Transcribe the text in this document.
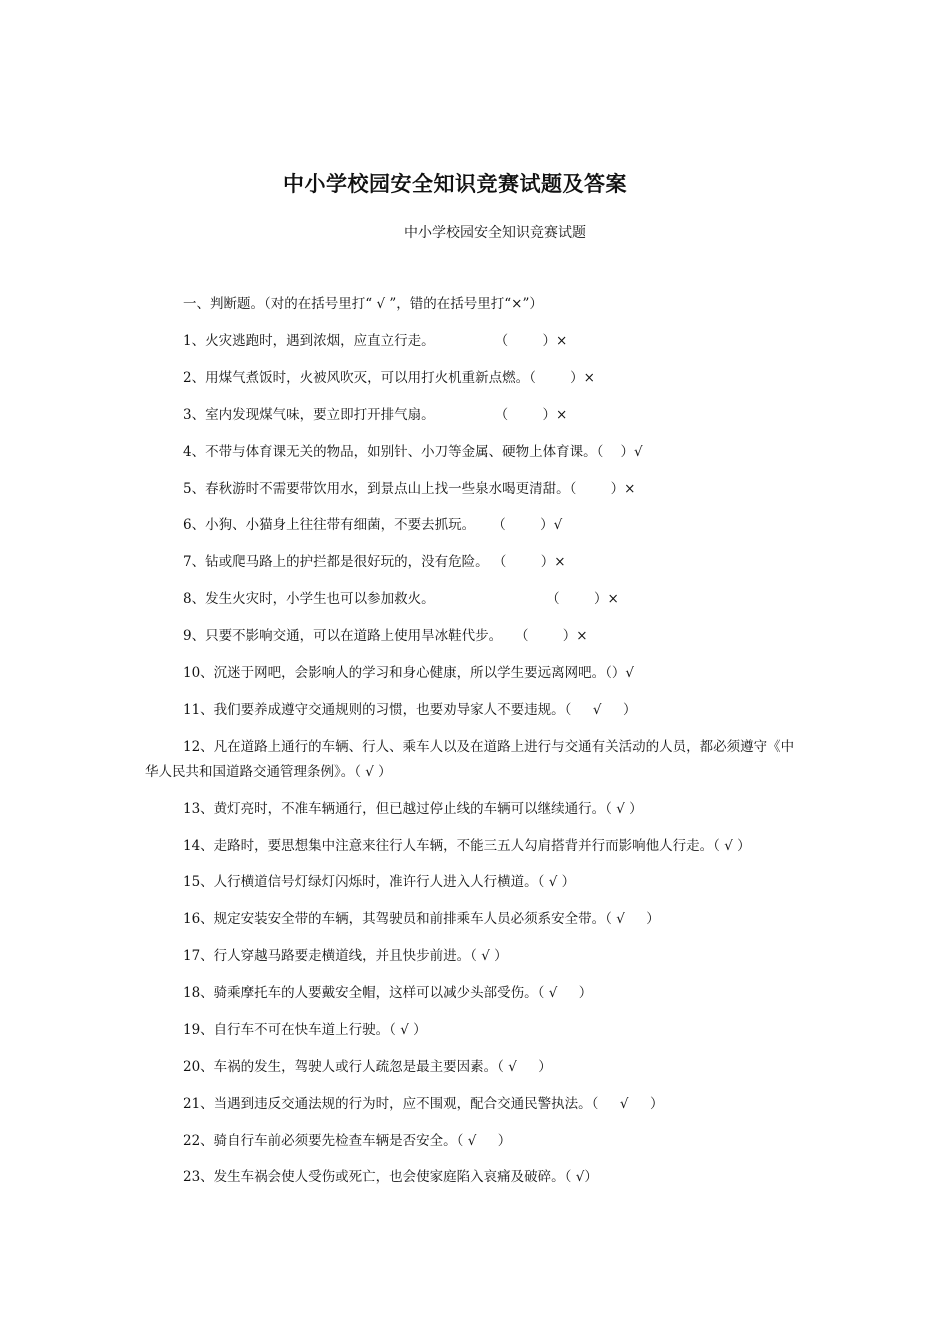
中小学校园安全知识竞赛试题及答案
中小学校园安全知识竞赛试题
一、判断题。（对的在括号里打“ √ ”，错的在括号里打“×”）
1、火灾逃跑时，遇到浓烟，应直立行走。              （        ）×
2、用煤气煮饭时，火被风吹灭，可以用打火机重新点燃。（        ）×
3、室内发现煤气味，要立即打开排气扇。              （        ）×
4、不带与体育课无关的物品，如别针、小刀等金属、硬物上体育课。（    ）√
5、春秋游时不需要带饮用水，到景点山上找一些泉水喝更清甜。（        ）×
6、小狗、小猫身上往往带有细菌，不要去抓玩。    （        ）√
7、钻或爬马路上的护拦都是很好玩的，没有危险。 （        ）×
8、发生火灾时，小学生也可以参加救火。                          （        ）×
9、只要不影响交通，可以在道路上使用旱冰鞋代步。   （        ）×
10、沉迷于网吧，会影响人的学习和身心健康，所以学生要远离网吧。（）√
11、我们要养成遵守交通规则的习惯，也要劝导家人不要违规。（     √     ）
12、凡在道路上通行的车辆、行人、乘车人以及在道路上进行与交通有关活动的人员，都必须遵守《中
华人民共和国道路交通管理条例》。（ √ ）
13、黄灯亮时，不准车辆通行，但已越过停止线的车辆可以继续通行。（ √ ）
14、走路时，要思想集中注意来往行人车辆，不能三五人勾肩搭背并行而影响他人行走。（ √ ）
15、人行横道信号灯绿灯闪烁时，准许行人进入人行横道。（ √ ）
16、规定安装安全带的车辆，其驾驶员和前排乘车人员必须系安全带。（ √     ）
17、行人穿越马路要走横道线，并且快步前进。（ √ ）
18、骑乘摩托车的人要戴安全帽，这样可以减少头部受伤。（ √     ）
19、自行车不可在快车道上行驶。（ √ ）
20、车祸的发生，驾驶人或行人疏忽是最主要因素。（ √     ）
21、当遇到违反交通法规的行为时，应不围观，配合交通民警执法。（     √     ）
22、骑自行车前必须要先检查车辆是否安全。（ √     ）
23、发生车祸会使人受伤或死亡，也会使家庭陷入哀痛及破碎。（ √）
